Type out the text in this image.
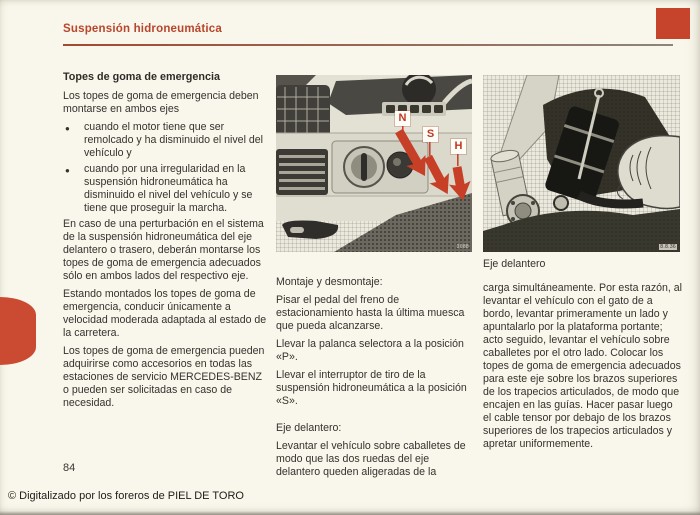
Suspensión hidroneumática
Topes de goma de emergencia

Los topes de goma de emergencia deben montarse en ambos ejes

● cuando el motor tiene que ser remolcado y ha disminuido el nivel del vehículo y
● cuando por una irregularidad en la suspensión hidroneumática ha disminuido el nivel del vehículo y se tiene que proseguir la marcha.

En caso de una perturbación en el sistema de la suspensión hidroneumática del eje delantero o trasero, deberán montarse los topes de goma de emergencia adecuados sólo en ambos lados del respectivo eje.

Estando montados los topes de goma de emergencia, conducir únicamente a velocidad moderada adaptada al estado de la carretera.

Los topes de goma de emergencia pueden adquirirse como accesorios en todas las estaciones de servicio MERCEDES-BENZ o pueden ser solicitadas en caso de necesidad.

N
S
H
3088	8.8.36
Eje delantero

Montaje y desmontaje:

Pisar el pedal del freno de estacionamiento hasta la última muesca que pueda alcanzarse.

Llevar la palanca selectora a la posición «P».

Llevar el interruptor de tiro de la suspensión hidroneumática a la posición «S».

Eje delantero:

Levantar el vehículo sobre caballetes de modo que las dos ruedas del eje delantero queden aligeradas de la

carga simultáneamente. Por esta razón, al levantar el vehículo con el gato de a bordo, levantar primeramente un lado y apuntalarlo por la plataforma portante; acto seguido, levantar el vehículo sobre caballetes por el otro lado. Colocar los topes de goma de emergencia adecuados para este eje sobre los brazos superiores de los trapecios articulados, de modo que encajen en las guías. Hacer pasar luego el cable tensor por debajo de los brazos superiores de los trapecios articulados y apretar uniformemente.

84
© Digitalizado por los foreros de PIEL DE TORO
